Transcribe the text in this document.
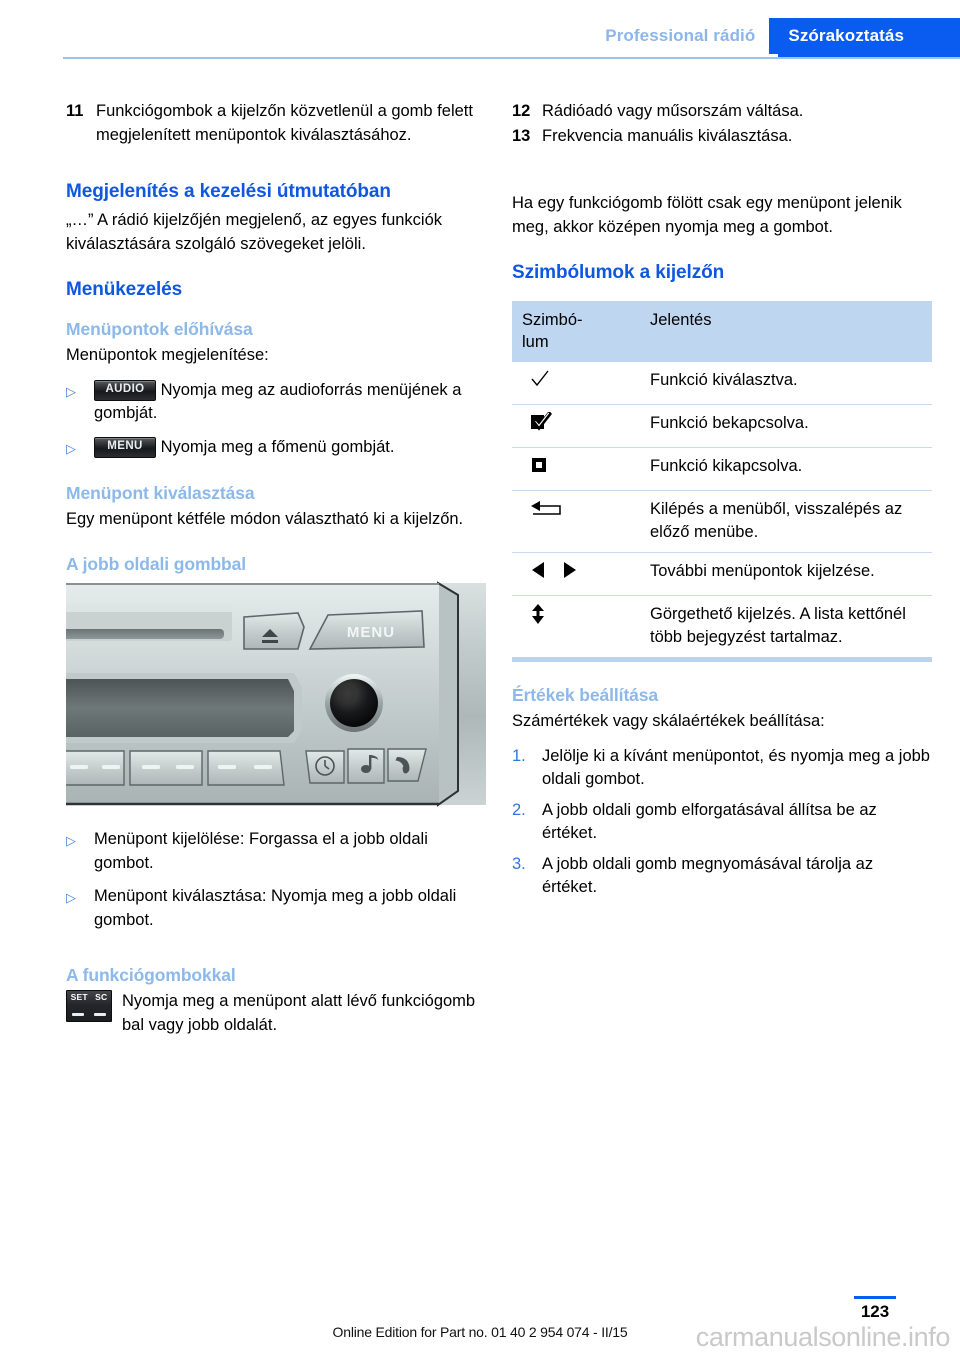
Professional rádió	Szórakoztatás
11 Funkciógombok a kijelzőn közvetlenül a gomb felett megjelenített menüpontok kiválasztásához.
Megjelenítés a kezelési útmutatóban

„…” A rádió kijelzőjén megjelenő, az egyes funkciók kiválasztására szolgáló szövegeket jelöli.

Menükezelés
Menüpontok előhívása

Menüpontok megjelenítése:

▷	AUDIO Nyomja meg az audioforrás menüjének a gombját.
▷	MENU Nyomja meg a főmenü gombját.
Menüpont kiválasztása

Egy menüpont kétféle módon választható ki a kijelzőn.

A jobb oldali gombbal
MENU
▷	Menüpont kijelölése: Forgassa el a jobb oldali gombot.
▷	Menüpont kiválasztása: Nyomja meg a jobb oldali gombot.
A funkciógombokkal
SET SC Nyomja meg a menüpont alatt lévő funkciógomb bal vagy jobb oldalát.
12 Rádióadó vagy műsorszám váltása.
13 Frekvencia manuális kiválasztása.

Ha egy funkciógomb fölött csak egy menüpont jelenik meg, akkor középen nyomja meg a gombot.

Szimbólumok a kijelzőn
Szimbó-
lum	Jelentés
	Funkció kiválasztva.
	Funkció bekapcsolva.
	Funkció kikapcsolva.
	Kilépés a menüből, visszalépés az előző menübe.
	További menüpontok kijelzése.
	Görgethető kijelzés. A lista kettőnél több bejegyzést tartalmaz.
Értékek beállítása

Számértékek vagy skálaértékek beállítása:

1. Jelölje ki a kívánt menüpontot, és nyomja meg a jobb oldali gombot.
2. A jobb oldali gomb elforgatásával állítsa be az értéket.
3. A jobb oldali gomb megnyomásával tárolja az értéket.
123
Online Edition for Part no. 01 40 2 954 074 - II/15	carmanualsonline.info
